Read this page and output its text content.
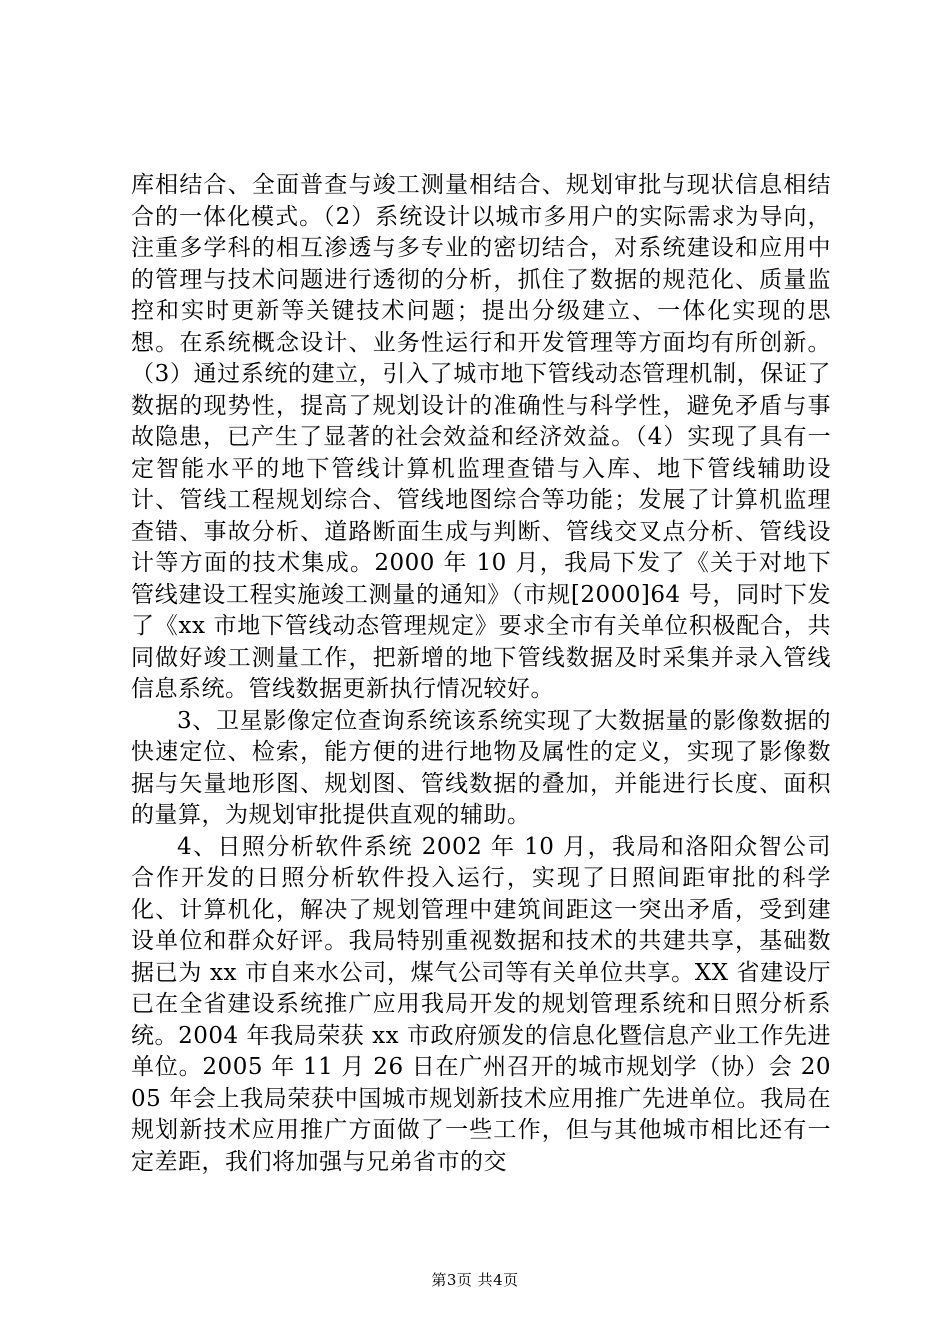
库相结合、全面普查与竣工测量相结合、规划审批与现状信息相结合的一体化模式。（2）系统设计以城市多用户的实际需求为导向，注重多学科的相互渗透与多专业的密切结合，对系统建设和应用中的管理与技术问题进行透彻的分析，抓住了数据的规范化、质量监控和实时更新等关键技术问题；提出分级建立、一体化实现的思想。在系统概念设计、业务性运行和开发管理等方面均有所创新。（3）通过系统的建立，引入了城市地下管线动态管理机制，保证了数据的现势性，提高了规划设计的准确性与科学性，避免矛盾与事故隐患，已产生了显著的社会效益和经济效益。（4）实现了具有一定智能水平的地下管线计算机监理查错与入库、地下管线辅助设计、管线工程规划综合、管线地图综合等功能；发展了计算机监理查错、事故分析、道路断面生成与判断、管线交叉点分析、管线设计等方面的技术集成。2000 年 10 月，我局下发了《关于对地下管线建设工程实施竣工测量的通知》（市规[2000]64 号，同时下发了《xx 市地下管线动态管理规定》要求全市有关单位积极配合，共同做好竣工测量工作，把新增的地下管线数据及时采集并录入管线信息系统。管线数据更新执行情况较好。

3、卫星影像定位查询系统该系统实现了大数据量的影像数据的快速定位、检索，能方便的进行地物及属性的定义，实现了影像数据与矢量地形图、规划图、管线数据的叠加，并能进行长度、面积的量算，为规划审批提供直观的辅助。

4、日照分析软件系统 2002 年 10 月，我局和洛阳众智公司合作开发的日照分析软件投入运行，实现了日照间距审批的科学化、计算机化，解决了规划管理中建筑间距这一突出矛盾，受到建设单位和群众好评。我局特别重视数据和技术的共建共享，基础数据已为 xx 市自来水公司，煤气公司等有关单位共享。XX 省建设厅已在全省建设系统推广应用我局开发的规划管理系统和日照分析系统。2004 年我局荣获 xx 市政府颁发的信息化暨信息产业工作先进单位。2005 年 11 月 26 日在广州召开的城市规划学（协）会 2005 年会上我局荣获中国城市规划新技术应用推广先进单位。我局在规划新技术应用推广方面做了一些工作，但与其他城市相比还有一定差距，我们将加强与兄弟省市的交

第3页 共4页
